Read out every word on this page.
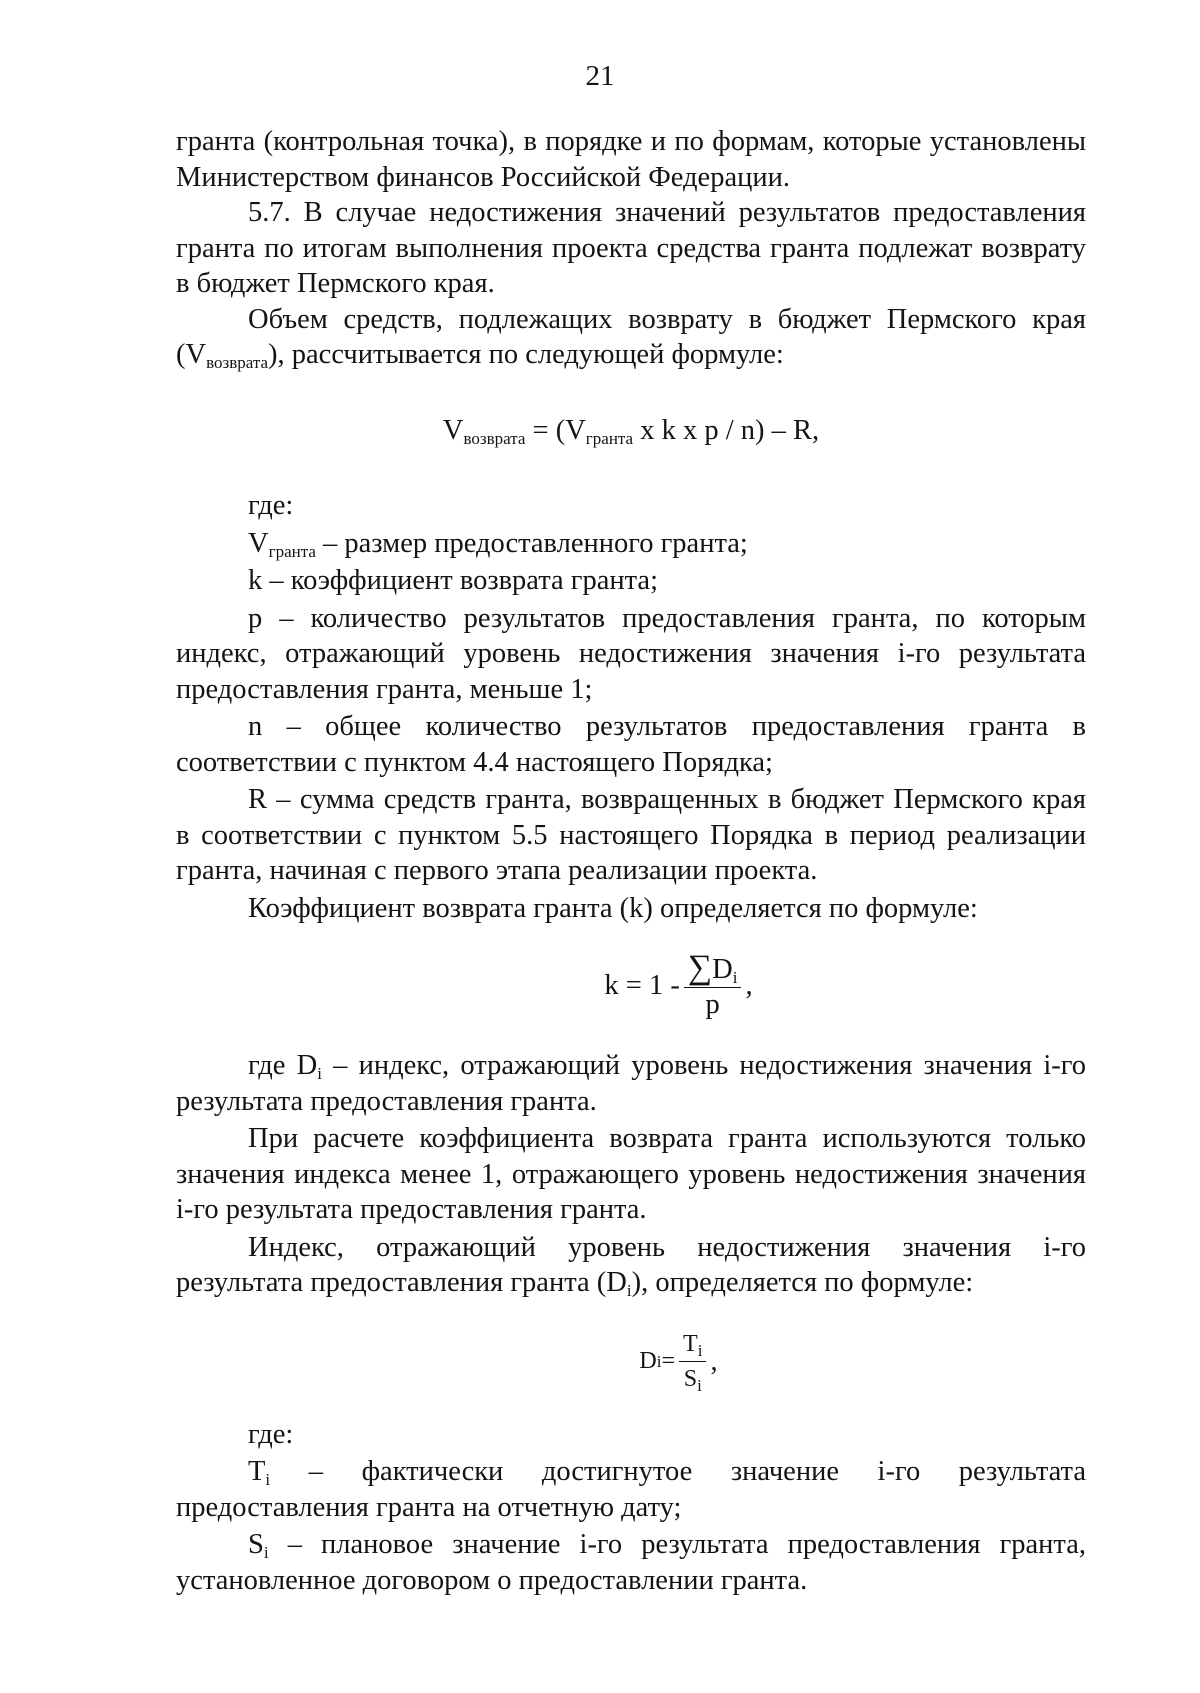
21

гранта (контрольная точка), в порядке и по формам, которые установлены Министерством финансов Российской Федерации.

5.7. В случае недостижения значений результатов предоставления гранта по итогам выполнения проекта средства гранта подлежат возврату в бюджет Пермского края.

Объем средств, подлежащих возврату в бюджет Пермского края $(V_{возврата})$, рассчитывается по следующей формуле:

$V_{возврата} = (V_{гранта}$ x k x p / n) – R,

где:

$V_{гранта}$ – размер предоставленного гранта;

k – коэффициент возврата гранта;

p – количество результатов предоставления гранта, по которым индекс, отражающий уровень недостижения значения i-го результата предоставления гранта, меньше 1;

n – общее количество результатов предоставления гранта в соответствии с пунктом 4.4 настоящего Порядка;

R – сумма средств гранта, возвращенных в бюджет Пермского края в соответствии с пунктом 5.5 настоящего Порядка в период реализации гранта, начиная с первого этапа реализации проекта.

Коэффициент возврата гранта (k) определяется по формуле:

$k = 1 - \frac{\sum D_i}{p}$ ,

где $D_i$ – индекс, отражающий уровень недостижения значения i-го результата предоставления гранта.

При расчете коэффициента возврата гранта используются только значения индекса менее 1, отражающего уровень недостижения значения i-го результата предоставления гранта.

Индекс, отражающий уровень недостижения значения i-го результата предоставления гранта $(D_i)$, определяется по формуле:

D $i = \frac{T_i}{S_i}$ ,

где:

$T_i$ – фактически достигнутое значение i-го результата предоставления гранта на отчетную дату;

$S_i$ – плановое значение i-го результата предоставления гранта, установленное договором о предоставлении гранта.
